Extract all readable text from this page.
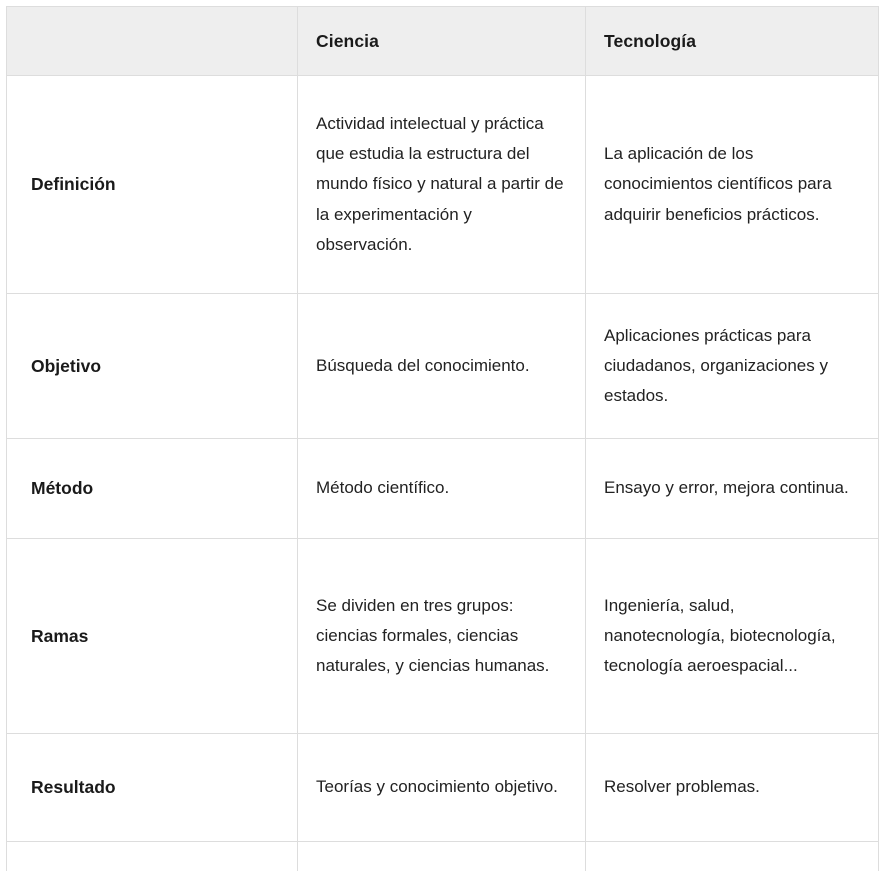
	Ciencia	Tecnología
Definición	Actividad intelectual y práctica que estudia la estructura del mundo físico y natural a partir de la experimentación y observación.	La aplicación de los conocimientos científicos para adquirir beneficios prácticos.

Objetivo	Búsqueda del conocimiento.	Aplicaciones prácticas para ciudadanos, organizaciones y estados.

Método	Método científico.	Ensayo y error, mejora continua.

Ramas	Se dividen en tres grupos: ciencias formales, ciencias naturales, y ciencias humanas.	Ingeniería, salud, nanotecnología, biotecnología, tecnología aeroespacial...

Resultado	Teorías y conocimiento objetivo.	Resolver problemas.
